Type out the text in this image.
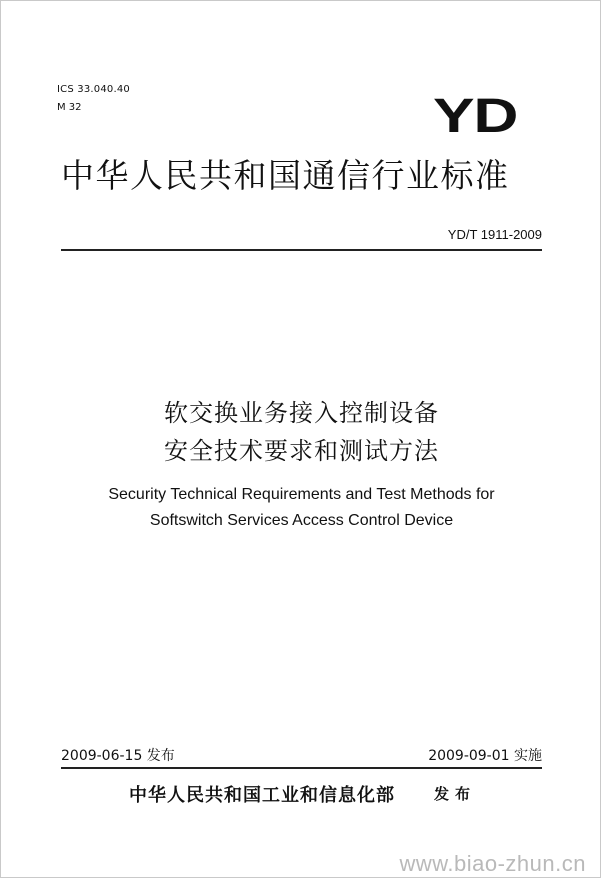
ICS 33.040.40
M 32	YD
中华人民共和国通信行业标准
YD/T 1911-2009
软交换业务接入控制设备
安全技术要求和测试方法
Security Technical Requirements and Test Methods for
Softswitch Services Access Control Device
2009-06-15 发布	2009-09-01 实施
中华人民共和国工业和信息化部	发布
www.biao-zhun.cn
